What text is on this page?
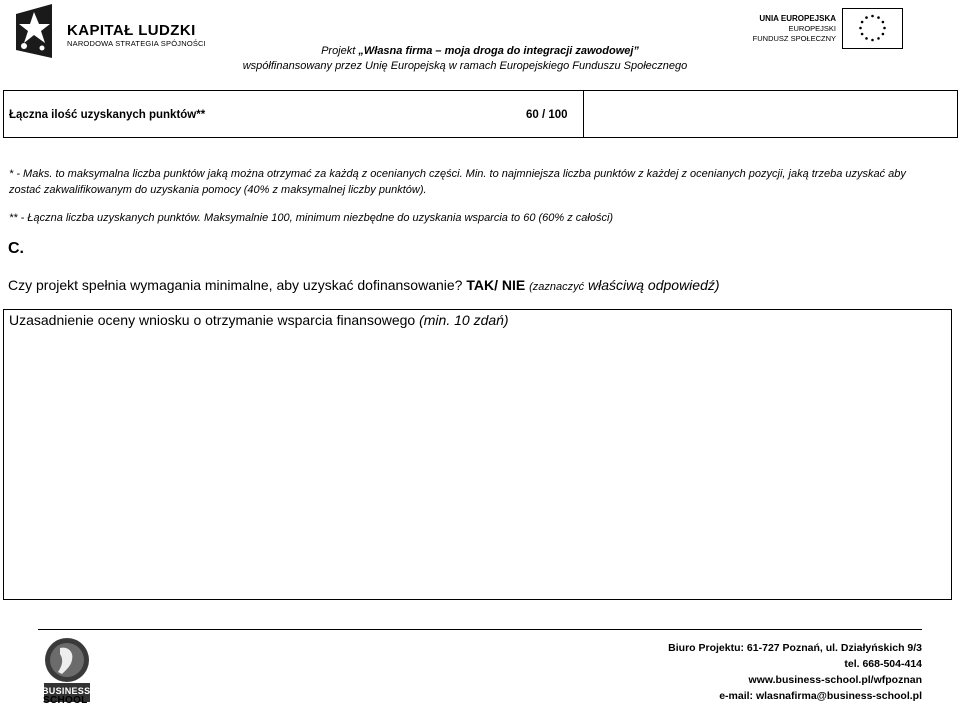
KAPITAŁ LUDZKI
NARODOWA STRATEGIA SPÓJNOŚCI
Projekt „Własna firma – moja droga do integracji zawodowej”
współfinansowany przez Unię Europejską w ramach Europejskiego Funduszu Społecznego
UNIA EUROPEJSKA
EUROPEJSKI
FUNDUSZ SPOŁECZNY
Łączna ilość uzyskanych punktów**	60 / 100
* - Maks. to maksymalna liczba punktów jaką można otrzymać za każdą z ocenianych części. Min. to najmniejsza liczba punktów z każdej z ocenianych pozycji, jaką trzeba uzyskać aby zostać zakwalifikowanym do uzyskania pomocy (40% z maksymalnej liczby punktów).
** - Łączna liczba uzyskanych punktów. Maksymalnie 100, minimum niezbędne do uzyskania wsparcia to 60 (60% z całości)
C.
Czy projekt spełnia wymagania minimalne, aby uzyskać dofinansowanie? TAK/ NIE (zaznaczyć właściwą odpowiedź)
Uzasadnienie oceny wniosku o otrzymanie wsparcia finansowego (min. 10 zdań)
BUSINESS
SCHOOL
Biuro Projektu: 61-727 Poznań, ul. Działyńskich 9/3
tel. 668-504-414
www.business-school.pl/wfpoznan
e-mail: wlasnafirma@business-school.pl
